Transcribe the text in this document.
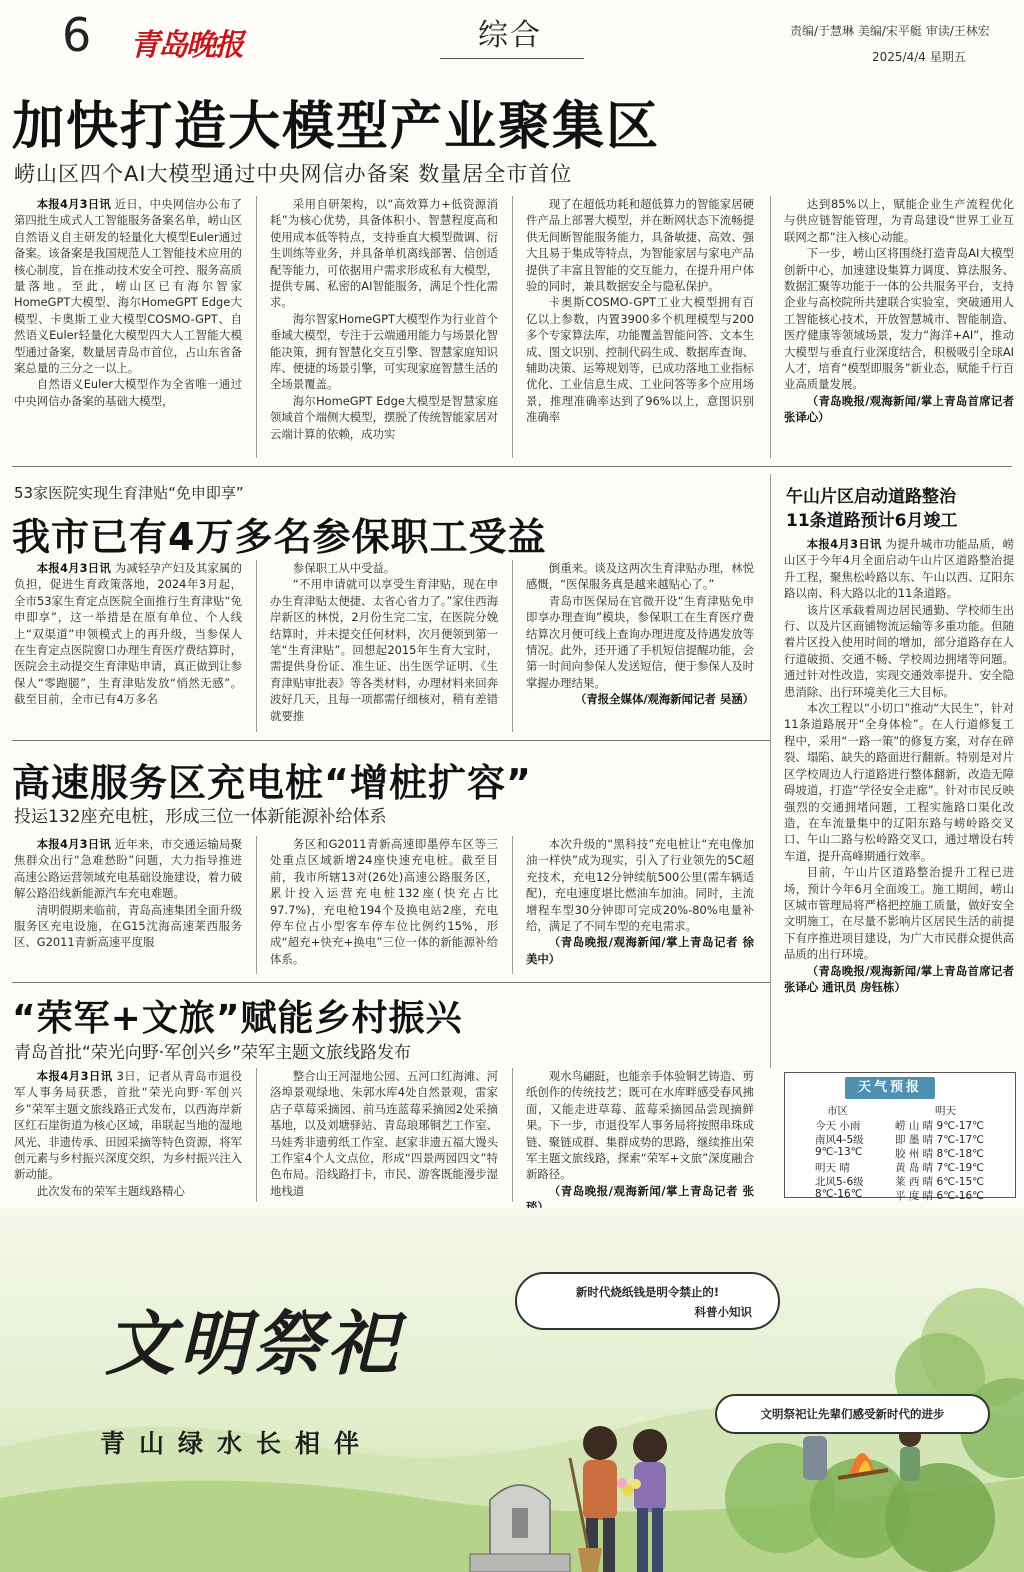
6 青岛晚报	综合	责编/于慧琳 美编/宋平艇 审读/王林宏
2025/4/4 星期五
加快打造大模型产业聚集区
崂山区四个AI大模型通过中央网信办备案 数量居全市首位

本报4月3日讯 近日，中央网信办公布了第四批生成式人工智能服务备案名单，崂山区自然语义自主研发的轻量化大模型Euler通过备案。该备案是我国规范人工智能技术应用的核心制度，旨在推动技术安全可控、服务高质量落地。至此，崂山区已有海尔智家HomeGPT大模型、海尔HomeGPT Edge大模型、卡奥斯工业大模型COSMO-GPT、自然语义Euler轻量化大模型四大人工智能大模型通过备案，数量居青岛市首位，占山东省备案总量的三分之一以上。

自然语义Euler大模型作为全省唯一通过中央网信办备案的基础大模型，

采用自研架构，以“高效算力+低资源消耗”为核心优势，具备体积小、智慧程度高和使用成本低等特点，支持垂直大模型微调、衍生训练等业务，并具备单机离线部署、信创适配等能力，可依据用户需求形成私有大模型，提供专属、私密的AI智能服务，满足个性化需求。

海尔智家HomeGPT大模型作为行业首个垂域大模型，专注于云端通用能力与场景化智能决策，拥有智慧化交互引擎、智慧家庭知识库、便捷的场景引擎，可实现家庭智慧生活的全场景覆盖。

海尔HomeGPT Edge大模型是智慧家庭领域首个端侧大模型，摆脱了传统智能家居对云端计算的依赖，成功实

现了在超低功耗和超低算力的智能家居硬件产品上部署大模型，并在断网状态下流畅提供无间断智能服务能力，具备敏捷、高效、强大且易于集成等特点，为智能家居与家电产品提供了丰富且智能的交互能力，在提升用户体验的同时，兼具数据安全与隐私保护。

卡奥斯COSMO-GPT工业大模型拥有百亿以上参数，内置3900多个机理模型与200多个专家算法库，功能覆盖智能问答、文本生成、图文识别、控制代码生成、数据库查询、辅助决策、运筹规划等，已成功落地工业指标优化、工业信息生成、工业问答等多个应用场景，推理准确率达到了96%以上，意图识别准确率

达到85%以上，赋能企业生产流程优化与供应链智能管理，为青岛建设“世界工业互联网之都”注入核心动能。

下一步，崂山区将围绕打造青岛AI大模型创新中心，加速建设集算力调度、算法服务、数据汇聚等功能于一体的公共服务平台，支持企业与高校院所共建联合实验室，突破通用人工智能核心技术，开放智慧城市、智能制造、医疗健康等领域场景，发力“海洋+AI”，推动大模型与垂直行业深度结合，积极吸引全球AI人才，培育“模型即服务”新业态，赋能千行百业高质量发展。

（青岛晚报/观海新闻/掌上青岛首席记者 张译心）

53家医院实现生育津贴“免申即享”
我市已有4万多名参保职工受益

本报4月3日讯 为减轻孕产妇及其家属的负担，促进生育政策落地，2024年3月起，全市53家生育定点医院全面推行生育津贴“免申即享”，这一举措是在原有单位、个人线上“双渠道”申领模式上的再升级，当参保人在生育定点医院窗口办理生育医疗费结算时，医院会主动提交生育津贴申请，真正做到让参保人“零跑腿”，生育津贴发放“悄然无感”。截至目前，全市已有4万多名

参保职工从中受益。

“不用申请就可以享受生育津贴，现在申办生育津贴太便捷、太省心省力了。”家住西海岸新区的林悦，2月份生完二宝，在医院分娩结算时，并未提交任何材料，次月便领到第一笔“生育津贴”。回想起2015年生育大宝时，需提供身份证、准生证、出生医学证明、《生育津贴审批表》等各类材料，办理材料来回奔波好几天，且每一项都需仔细核对，稍有差错就要推

倒重来。谈及这两次生育津贴办理，林悦感慨，“医保服务真是越来越贴心了。”

青岛市医保局在官微开设“生育津贴免申即享办理查询”模块，参保职工在生育医疗费结算次月便可线上查询办理进度及待遇发放等情况。此外，还开通了手机短信提醒功能，会第一时间向参保人发送短信，便于参保人及时掌握办理结果。

（青报全媒体/观海新闻记者 吴涵）

高速服务区充电桩“增桩扩容”
投运132座充电桩，形成三位一体新能源补给体系

本报4月3日讯 近年来，市交通运输局聚焦群众出行“急难愁盼”问题，大力指导推进高速公路运营领域充电基础设施建设，着力破解公路沿线新能源汽车充电难题。

清明假期来临前，青岛高速集团全面升级服务区充电设施，在G15沈海高速莱西服务区、G2011青新高速平度服

务区和G2011青新高速即墨停车区等三处重点区域新增24座快速充电桩。截至目前，我市所辖13对(26处)高速公路服务区，累计投入运营充电桩132座(快充占比97.7%)，充电枪194个及换电站2座，充电停车位占小型客车停车位比例约15%，形成“超充+快充+换电”三位一体的新能源补给体系。

本次升级的“黑科技”充电桩让“充电像加油一样快”成为现实，引入了行业领先的5C超充技术，充电12分钟续航500公里(需车辆适配)，充电速度堪比燃油车加油。同时，主流增程车型30分钟即可完成20%-80%电量补给，满足了不同车型的充电需求。

（青岛晚报/观海新闻/掌上青岛记者 徐美中）

“荣军+文旅”赋能乡村振兴
青岛首批“荣光向野·军创兴乡”荣军主题文旅线路发布

本报4月3日讯 3日，记者从青岛市退役军人事务局获悉，首批“荣光向野·军创兴乡”荣军主题文旅线路正式发布，以西海岸新区红石崖街道为核心区域，串联起当地的湿地风光、非遗传承、田园采摘等特色资源，将军创元素与乡村振兴深度交织，为乡村振兴注入新动能。

此次发布的荣军主题线路精心

整合山王河湿地公园、五河口红海滩、河洛埠景观绿地、朱郭水库4处自然景观，雷家店子草莓采摘园、前马连蓝莓采摘园2处采摘基地，以及刘塘驿站、青岛琅琊铜艺工作室、马娃秀非遗剪纸工作室、赵家非遗五福大馒头工作室4个人文点位，形成“四景两园四文”特色布局。沿线路打卡，市民、游客既能漫步湿地栈道

观水鸟翩跹，也能亲手体验铜艺铸造、剪纸创作的传统技艺；既可在水库畔感受春风拂面，又能走进草莓、蓝莓采摘园品尝现摘鲜果。下一步，市退役军人事务局将按照串珠成链、聚链成群、集群成势的思路，继续推出荣军主题文旅线路，探索“荣军+文旅”深度融合新路径。

（青岛晚报/观海新闻/掌上青岛记者 张

午山片区启动道路整治
11条道路预计6月竣工

本报4月3日讯 为提升城市功能品质，崂山区于今年4月全面启动午山片区道路整治提升工程，聚焦松岭路以东、午山以西、辽阳东路以南、科大路以北的11条道路。

该片区承载着周边居民通勤、学校师生出行、以及片区商铺物流运输等多重功能。但随着片区投入使用时间的增加，部分道路存在人行道破损、交通不畅、学校周边拥堵等问题。通过针对性改造，实现交通效率提升、安全隐患消除、出行环境美化三大目标。

本次工程以“小切口”推动“大民生”，针对11条道路展开“全身体检”。在人行道修复工程中，采用“一路一策”的修复方案，对存在碎裂、塌陷、缺失的路面进行翻新。特别是对片区学校周边人行道路进行整体翻新，改造无障碍坡道，打造“学径安全走廊”。针对市民反映强烈的交通拥堵问题，工程实施路口渠化改造，在车流量集中的辽阳东路与崂岭路交叉口、午山二路与松岭路交叉口，通过增设右转车道，提升高峰期通行效率。

目前，午山片区道路整治提升工程已进场，预计今年6月全面竣工。施工期间，崂山区城市管理局将严格把控施工质量，做好安全文明施工，在尽量不影响片区居民生活的前提下有序推进项目建设，为广大市民群众提供高品质的出行环境。

（青岛晚报/观海新闻/掌上青岛首席记者 张译心 通讯员 房钰栋）

天气预报
市区	明天
今天 小雨
南风4-5级
9℃-13℃
明天 晴
北风5-6级
8℃-16℃
崂 山 晴 9℃-17℃
即 墨 晴 7℃-17℃
胶 州 晴 8℃-18℃
黄 岛 晴 7℃-19℃
莱 西 晴 6℃-15℃
平 度 晴 6℃-16℃
文明祭祀
青山绿水长相伴
新时代烧纸钱是明令禁止的!
科普小知识
文明祭祀让先辈们感受新时代的进步
